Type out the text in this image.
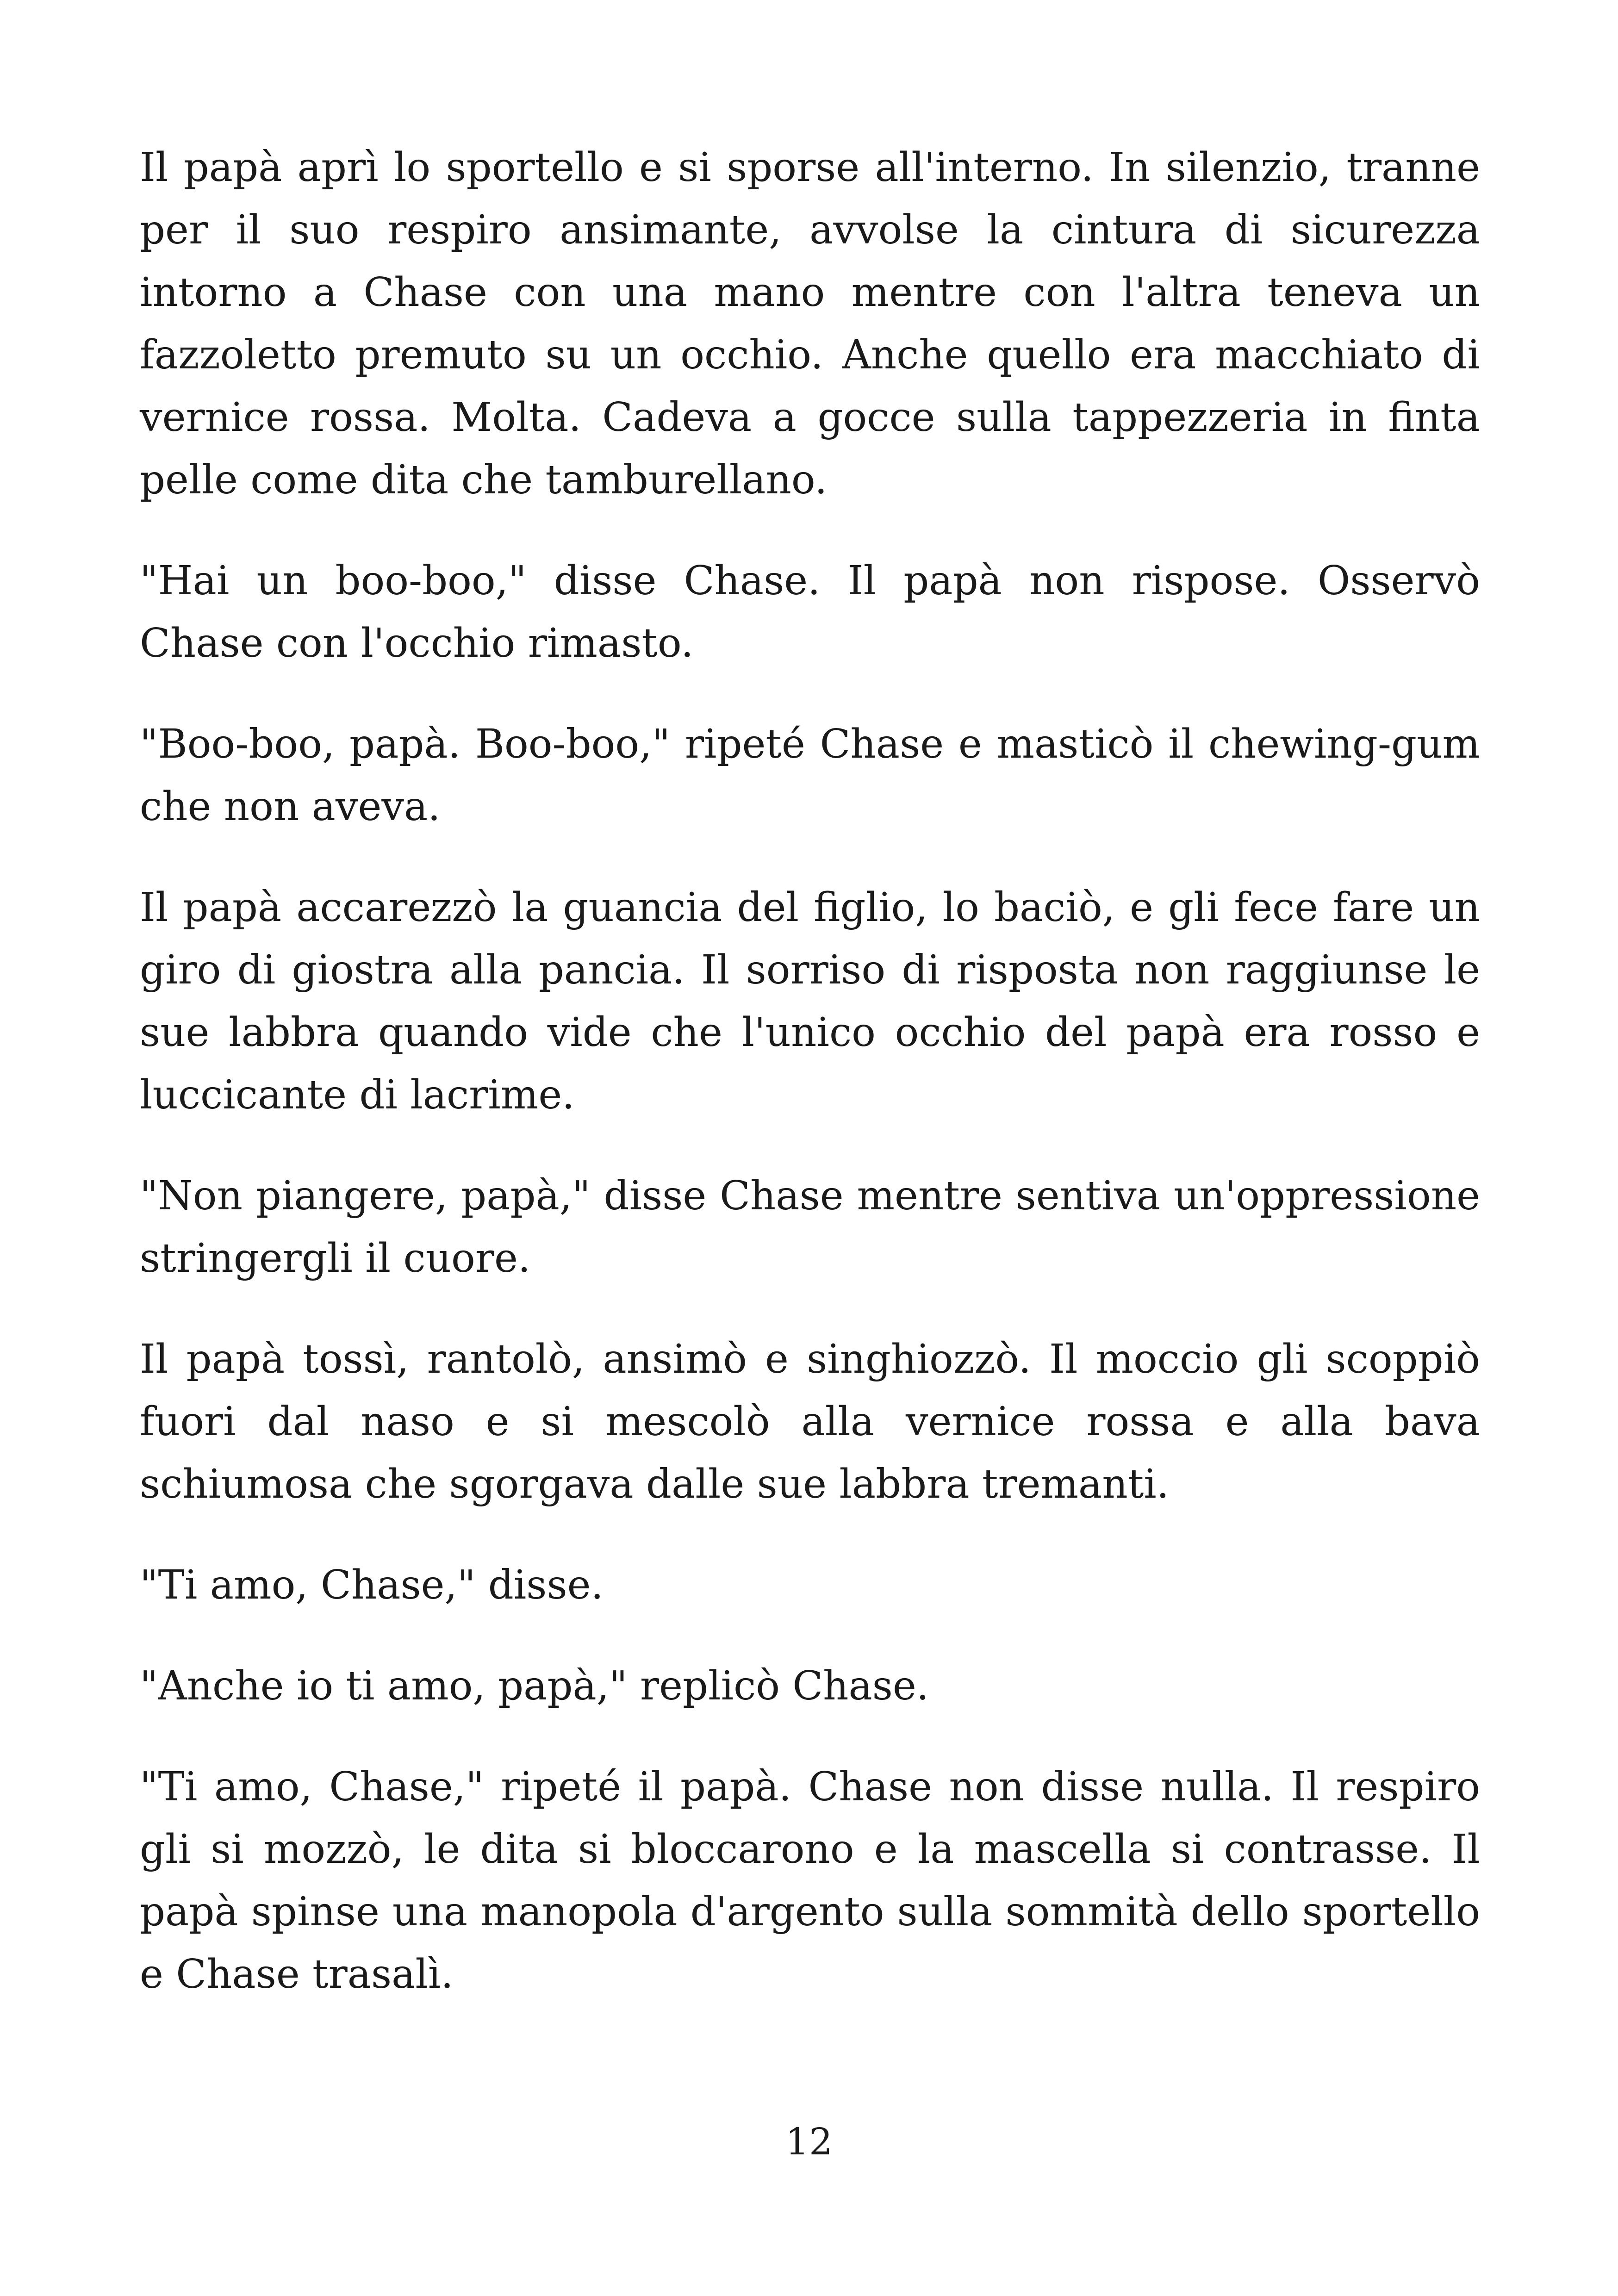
Il papà aprì lo sportello e si sporse all'interno. In silenzio, tranne per il suo respiro ansimante, avvolse la cintura di sicurezza intorno a Chase con una mano mentre con l'altra teneva un fazzoletto premuto su un occhio. Anche quello era macchiato di vernice rossa. Molta. Cadeva a gocce sulla tappezzeria in finta pelle come dita che tamburellano.

"Hai un boo-boo," disse Chase. Il papà non rispose. Osservò Chase con l'occhio rimasto.

"Boo-boo, papà. Boo-boo," ripeté Chase e masticò il chewing-gum che non aveva.

Il papà accarezzò la guancia del figlio, lo baciò, e gli fece fare un giro di giostra alla pancia. Il sorriso di risposta non raggiunse le sue labbra quando vide che l'unico occhio del papà era rosso e luccicante di lacrime.

"Non piangere, papà," disse Chase mentre sentiva un'oppressione stringergli il cuore.

Il papà tossì, rantolò, ansimò e singhiozzò. Il moccio gli scoppiò fuori dal naso e si mescolò alla vernice rossa e alla bava schiumosa che sgorgava dalle sue labbra tremanti.

"Ti amo, Chase," disse.

"Anche io ti amo, papà," replicò Chase.

"Ti amo, Chase," ripeté il papà. Chase non disse nulla. Il respiro gli si mozzò, le dita si bloccarono e la mascella si contrasse. Il papà spinse una manopola d'argento sulla sommità dello sportello e Chase trasalì.

12
